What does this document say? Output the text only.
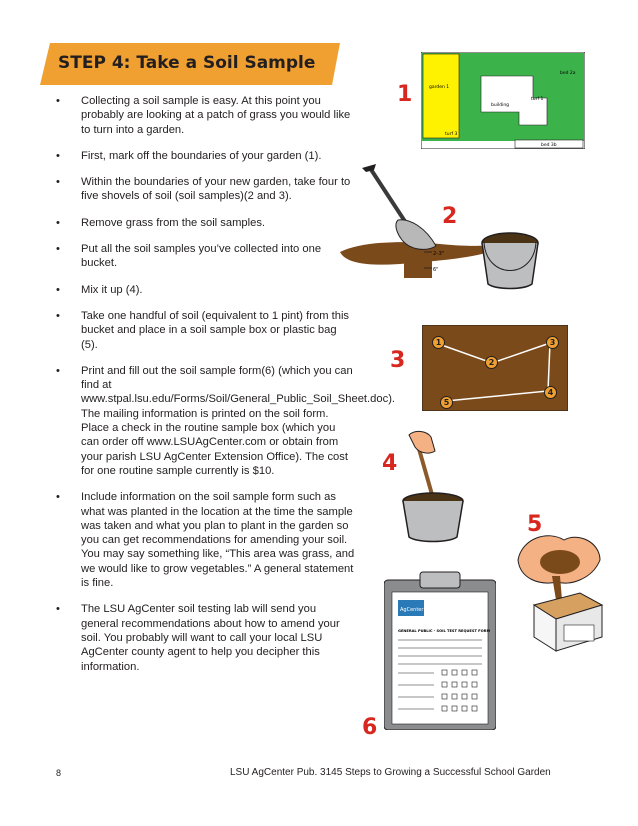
STEP 4: Take a Soil Sample
• Collecting a soil sample is easy. At this point you probably are looking at a patch of grass you would like to turn into a garden.
• First, mark off the boundaries of your garden (1).
• Within the boundaries of your new garden, take four to five shovels of soil (soil samples)(2 and 3).
• Remove grass from the soil samples.
• Put all the soil samples you’ve collected into one bucket.
• Mix it up (4).
• Take one handful of soil (equivalent to 1 pint) from this bucket and place in a soil sample box or plastic bag (5).
• Print and fill out the soil sample form(6) (which you can find at www.stpal.lsu.edu/Forms/Soil/General_Public_Soil_Sheet.doc). The mailing information is printed on the soil form. Place a check in the routine sample box (which you can order off www.LSUAgCenter.com or obtain from your parish LSU AgCenter Extension Office). The cost for one routine sample currently is $10.
• Include information on the soil sample form such as what was planted in the location at the time the sample was taken and what you plan to plant in the garden so you can get recommendations for amending your soil. You may say something like, “This area was grass, and we would like to grow vegetables.” A general statement is fine.
• The LSU AgCenter soil testing lab will send you general recommendations about how to amend your soil. You probably will want to call your local LSU AgCenter county agent to help you decipher this information.
1
bed 2a
garden 1
turf 1
building
turf 3
bed 3b
2
2–3"
6"
3
1
2
3
4
5
4
5
6
AgCenter
GENERAL PUBLIC - SOIL TEST REQUEST FORM
8	LSU AgCenter Pub. 3145 Steps to Growing a Successful School Garden
